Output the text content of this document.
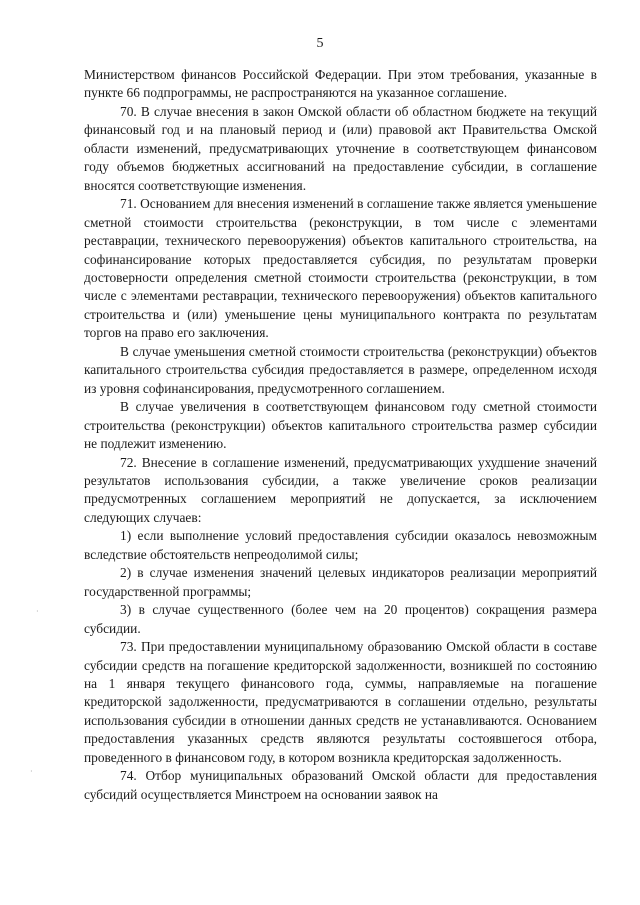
5

Министерством финансов Российской Федерации. При этом требования, указанные в пункте 66 подпрограммы, не распространяются на указанное соглашение.

70. В случае внесения в закон Омской области об областном бюджете на текущий финансовый год и на плановый период и (или) правовой акт Правительства Омской области изменений, предусматривающих уточнение в соответствующем финансовом году объемов бюджетных ассигнований на предоставление субсидии, в соглашение вносятся соответствующие изменения.

71. Основанием для внесения изменений в соглашение также является уменьшение сметной стоимости строительства (реконструкции, в том числе с элементами реставрации, технического перевооружения) объектов капитального строительства, на софинансирование которых предоставляется субсидия, по результатам проверки достоверности определения сметной стоимости строительства (реконструкции, в том числе с элементами реставрации, технического перевооружения) объектов капитального строительства и (или) уменьшение цены муниципального контракта по результатам торгов на право его заключения.

В случае уменьшения сметной стоимости строительства (реконструкции) объектов капитального строительства субсидия предоставляется в размере, определенном исходя из уровня софинансирования, предусмотренного соглашением.

В случае увеличения в соответствующем финансовом году сметной стоимости строительства (реконструкции) объектов капитального строительства размер субсидии не подлежит изменению.

72. Внесение в соглашение изменений, предусматривающих ухудшение значений результатов использования субсидии, а также увеличение сроков реализации предусмотренных соглашением мероприятий не допускается, за исключением следующих случаев:

1) если выполнение условий предоставления субсидии оказалось невозможным вследствие обстоятельств непреодолимой силы;

2) в случае изменения значений целевых индикаторов реализации мероприятий государственной программы;

3) в случае существенного (более чем на 20 процентов) сокращения размера субсидии.

73. При предоставлении муниципальному образованию Омской области в составе субсидии средств на погашение кредиторской задолженности, возникшей по состоянию на 1 января текущего финансового года, суммы, направляемые на погашение кредиторской задолженности, предусматриваются в соглашении отдельно, результаты использования субсидии в отношении данных средств не устанавливаются. Основанием предоставления указанных средств являются результаты состоявшегося отбора, проведенного в финансовом году, в котором возникла кредиторская задолженность.

74. Отбор муниципальных образований Омской области для предоставления субсидий осуществляется Минстроем на основании заявок на

·
·
